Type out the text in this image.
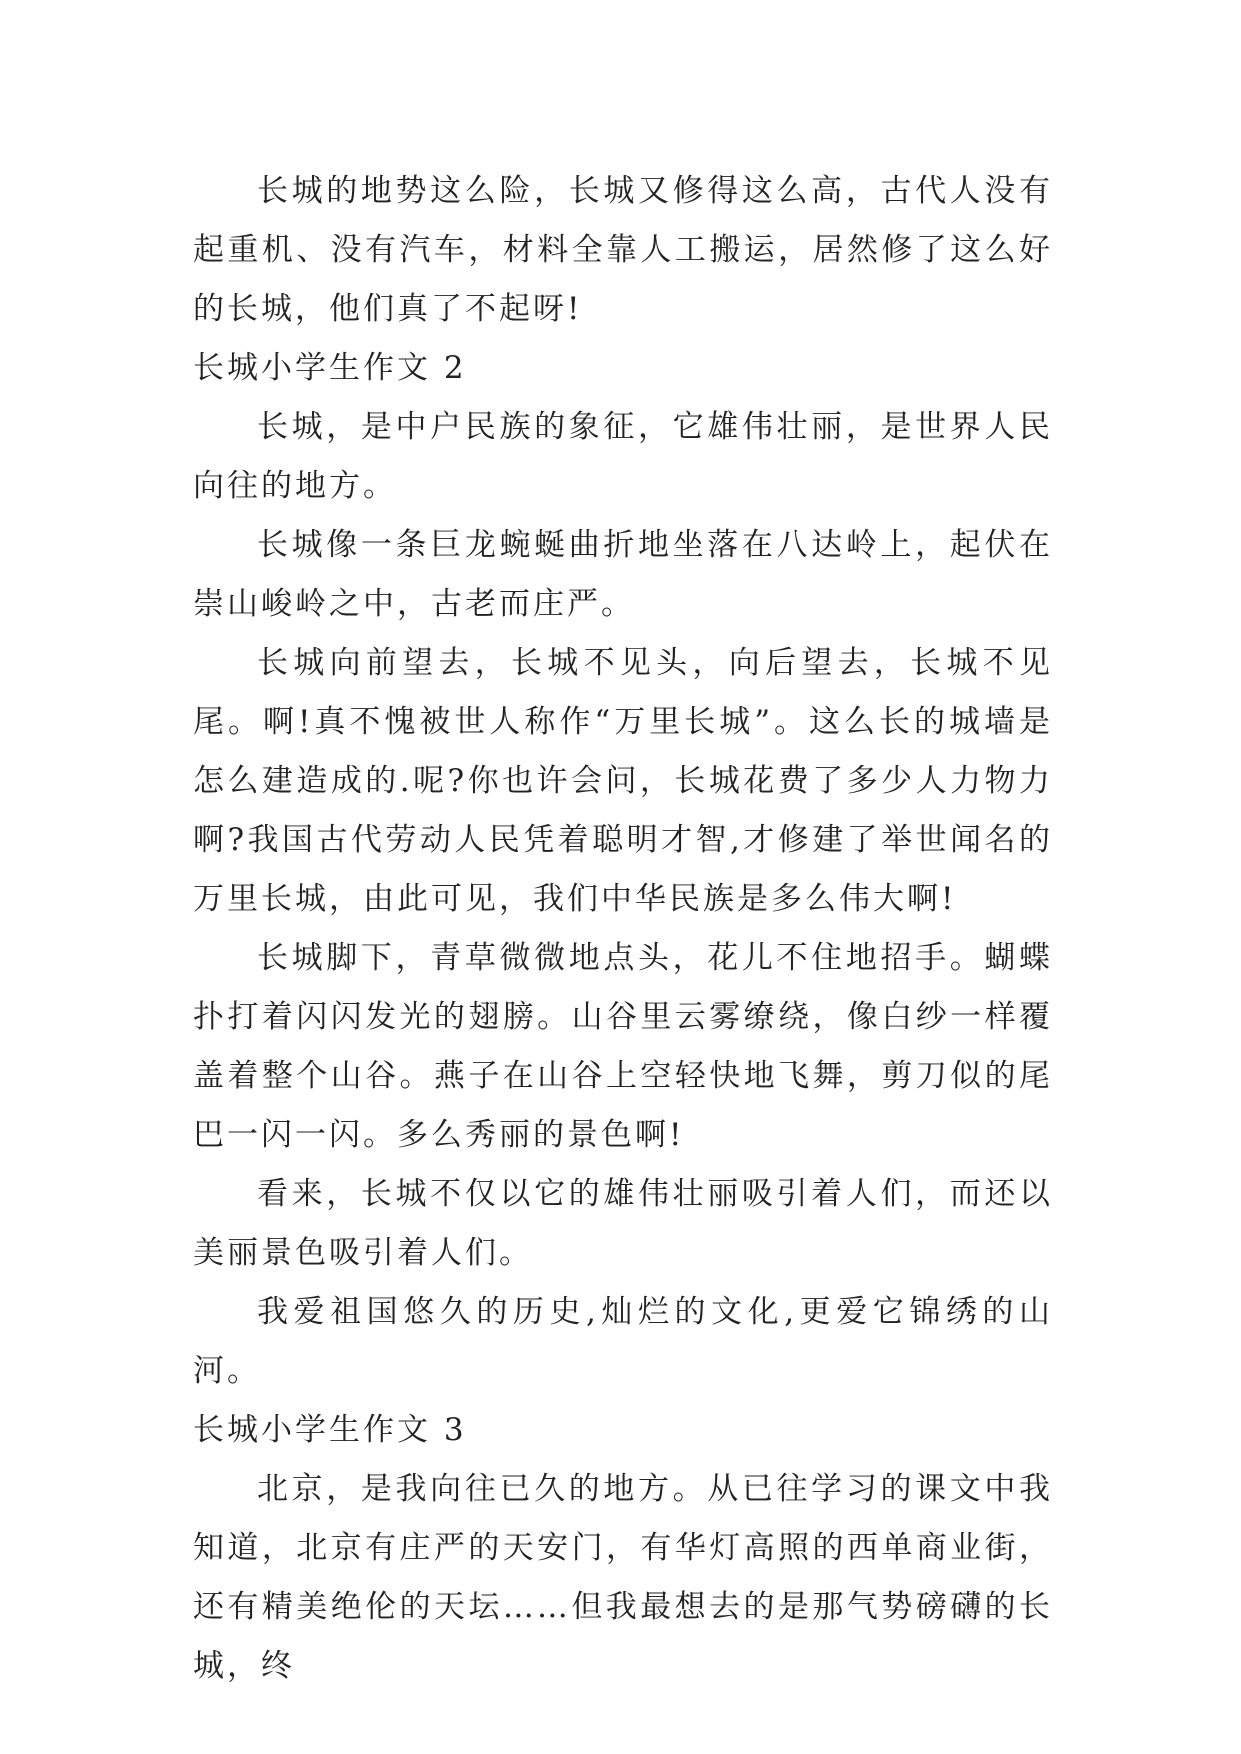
长城的地势这么险，长城又修得这么高，古代人没有起重机、没有汽车，材料全靠人工搬运，居然修了这么好的长城，他们真了不起呀!

长城小学生作文 2

长城，是中户民族的象征，它雄伟壮丽，是世界人民向往的地方。

长城像一条巨龙蜿蜒曲折地坐落在八达岭上，起伏在崇山峻岭之中，古老而庄严。

长城向前望去，长城不见头，向后望去，长城不见尾。啊!真不愧被世人称作“万里长城”。这么长的城墙是怎么建造成的.呢?你也许会问，长城花费了多少人力物力啊?我国古代劳动人民凭着聪明才智,才修建了举世闻名的万里长城，由此可见，我们中华民族是多么伟大啊!

长城脚下，青草微微地点头，花儿不住地招手。蝴蝶扑打着闪闪发光的翅膀。山谷里云雾缭绕，像白纱一样覆盖着整个山谷。燕子在山谷上空轻快地飞舞，剪刀似的尾巴一闪一闪。多么秀丽的景色啊!

看来，长城不仅以它的雄伟壮丽吸引着人们，而还以美丽景色吸引着人们。

我爱祖国悠久的历史,灿烂的文化,更爱它锦绣的山河。

长城小学生作文 3

北京，是我向往已久的地方。从已往学习的课文中我知道，北京有庄严的天安门，有华灯高照的西单商业街，还有精美绝伦的天坛……但我最想去的是那气势磅礴的长城，终
